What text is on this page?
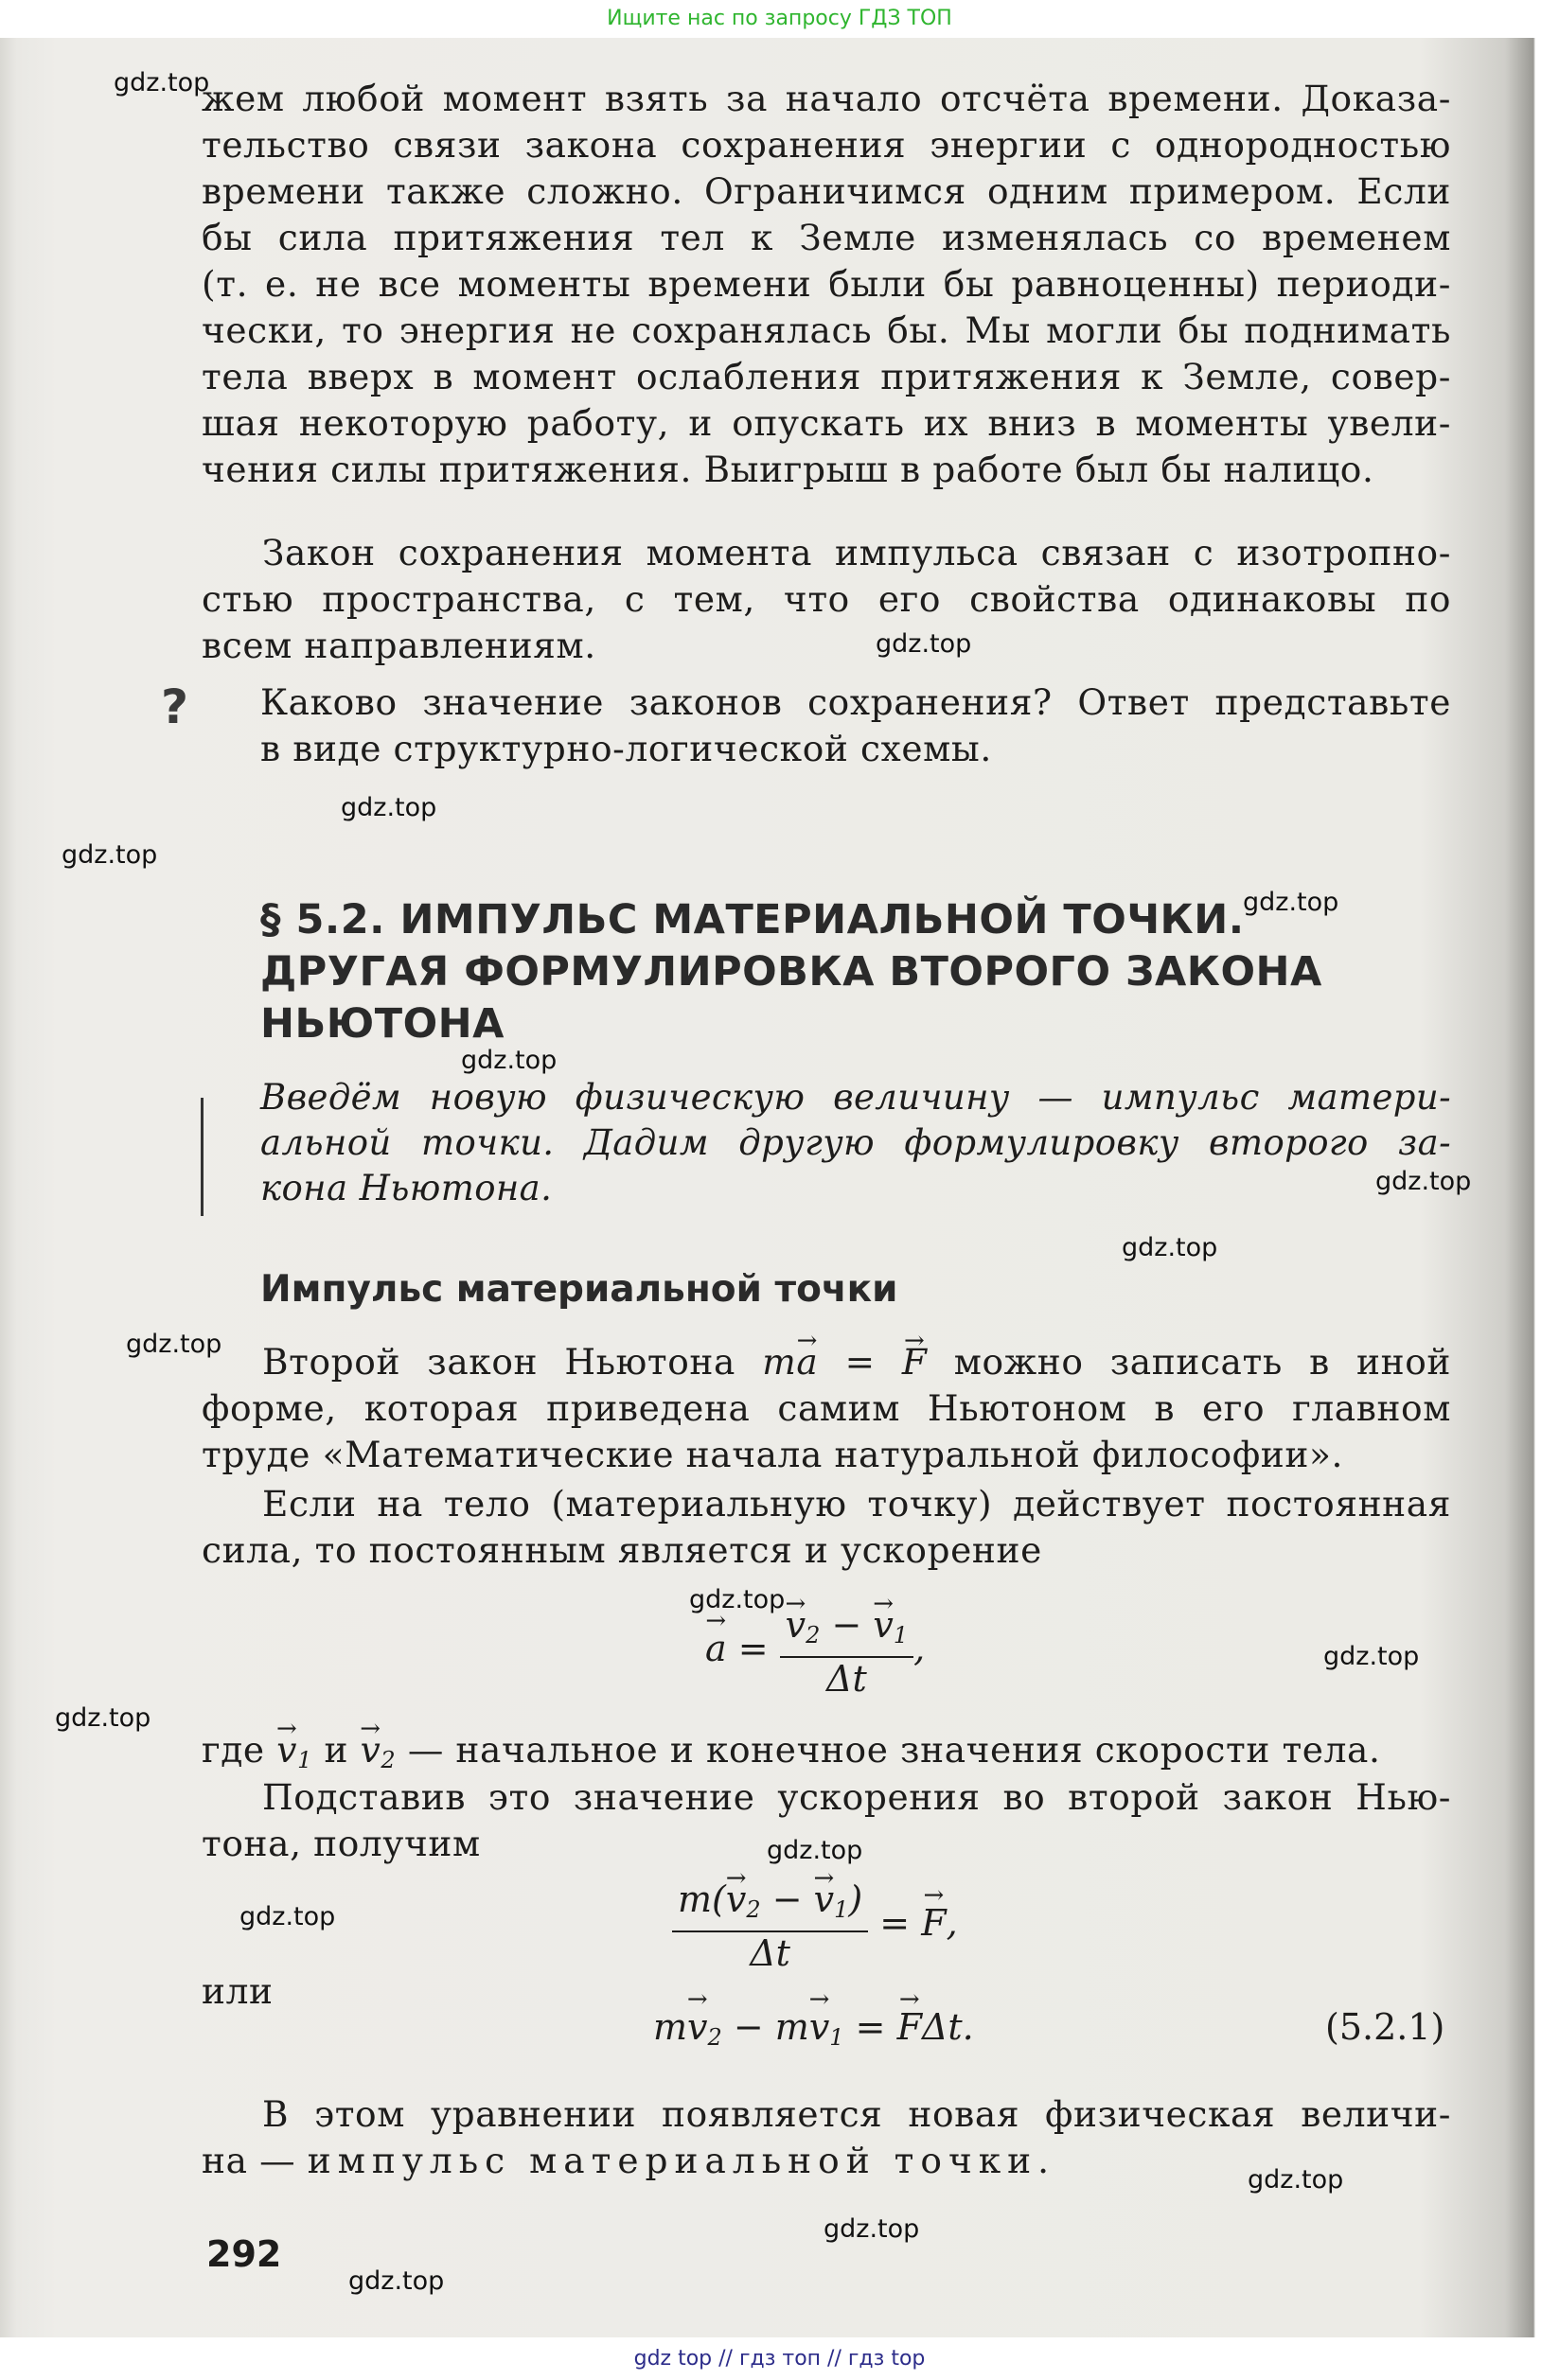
Ищите нас по запросу ГДЗ ТОП
жем любой момент взять за начало отсчёта времени. Доказа-
тельство связи закона сохранения энергии с однородностью
времени также сложно. Ограничимся одним примером. Если
бы сила притяжения тел к Земле изменялась со временем
(т. е. не все моменты времени были бы равноценны) периоди-
чески, то энергия не сохранялась бы. Мы могли бы поднимать
тела вверх в момент ослабления притяжения к Земле, совер-
шая некоторую работу, и опускать их вниз в моменты увели-
чения силы притяжения. Выигрыш в работе был бы налицо.
Закон сохранения момента импульса связан с изотропно-
стью пространства, с тем, что его свойства одинаковы по
всем направлениям.
? Каково значение законов сохранения? Ответ представьте
в виде структурно-логической схемы.
§ 5.2. ИМПУЛЬС МАТЕРИАЛЬНОЙ ТОЧКИ.
ДРУГАЯ ФОРМУЛИРОВКА ВТОРОГО ЗАКОНА
НЬЮТОНА
Введём новую физическую величину — импульс матери-
альной точки. Дадим другую формулировку второго за-
кона Ньютона.
Импульс материальной точки
Второй закон Ньютона m→ a = → F можно записать в иной
форме, которая приведена самим Ньютоном в его главном
труде «Математические начала натуральной философии».
Если на тело (материальную точку) действует постоянная
сила, то постоянным является и ускорение
→ a = → $\frac{v_2 - \to v_1}{\Delta t}$ ,
где → $v_1$ $и \to v_2$ — начальное и конечное значения скорости тела.
Подставив это значение ускорения во второй закон Нью-
тона, получим
$\frac{m(\to v_2 - \to v_1)}{\Delta t}$ = → F,
или
$m\to v_2 - m\to v_1$ = → FΔt.	(5.2.1)
В этом уравнении появляется новая физическая величи-
на — импульс материальной точки.
292
gdz.top
gdz.top
gdz.top
gdz.top
gdz.top
gdz.top
gdz.top
gdz.top
gdz.top
gdz.top
gdz.top
gdz.top
gdz.top
gdz.top
gdz.top
gdz.top
gdz.top
gdz top // гдз топ // гдз top
